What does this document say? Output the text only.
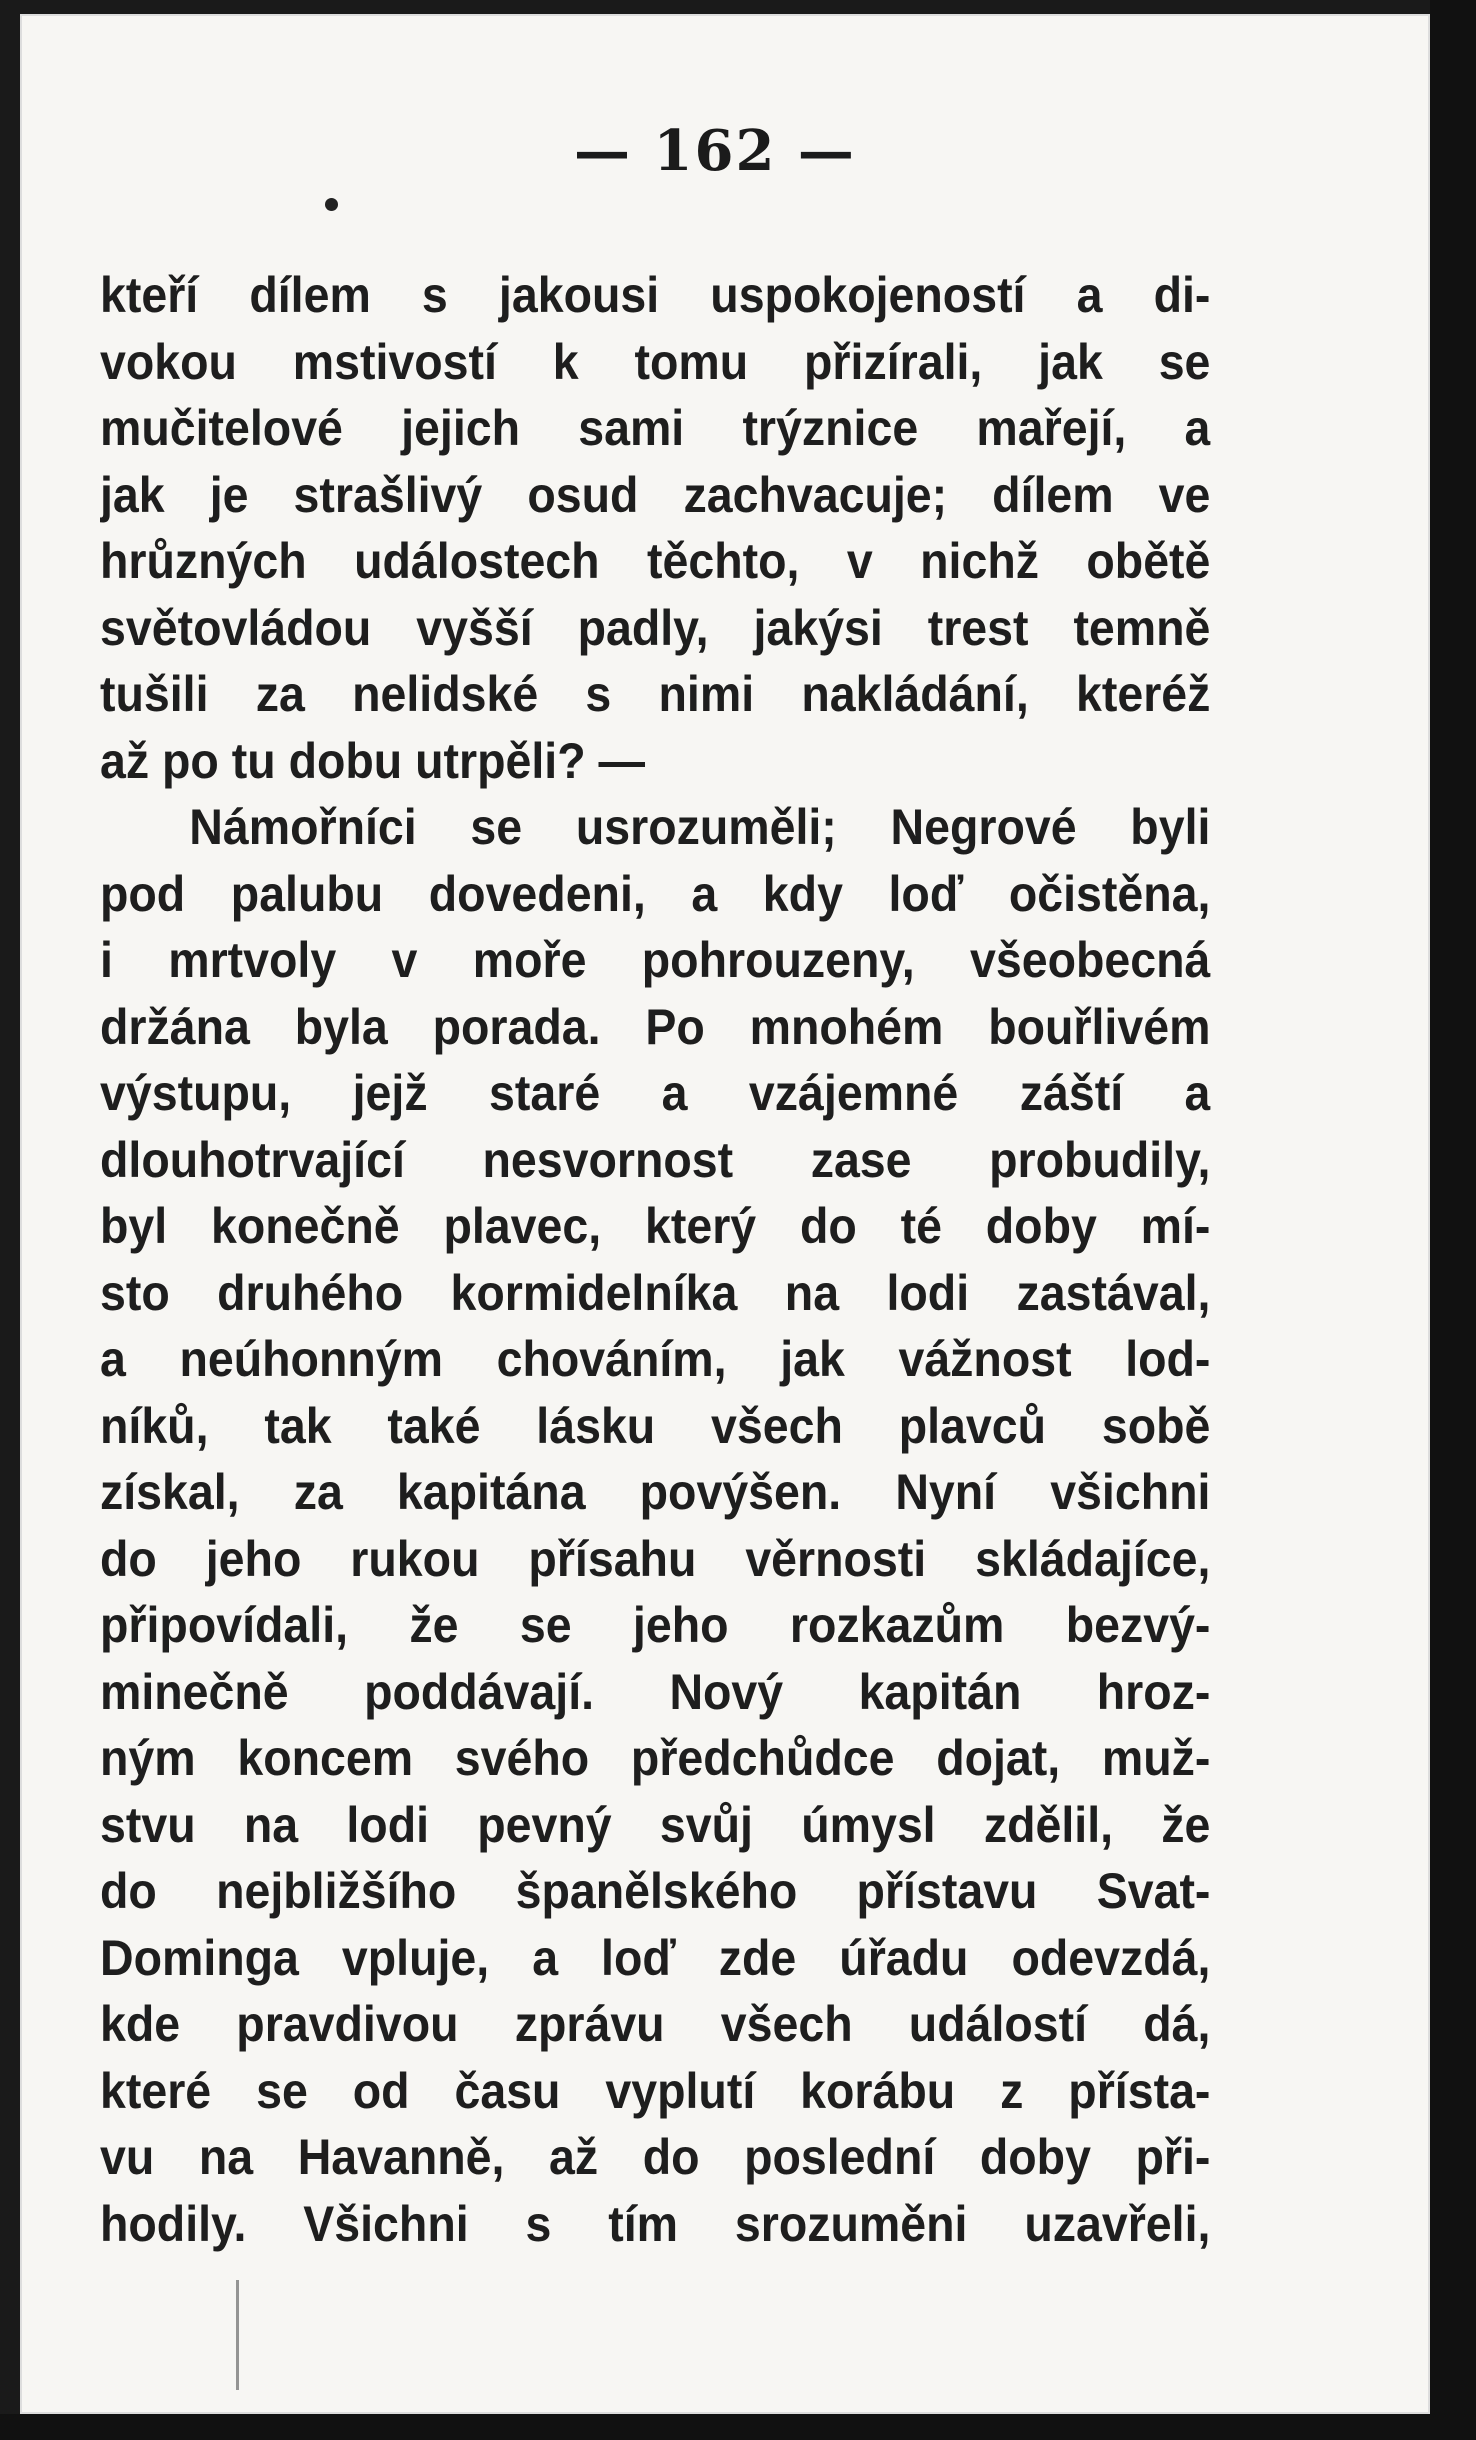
— 162 —
kteří dílem s jakousi uspokojeností a di-
vokou mstivostí k tomu přizírali, jak se
mučitelové jejich sami trýznice mařejí, a
jak je strašlivý osud zachvacuje; dílem ve
hrůzných událostech těchto, v nichž obětě
světovládou vyšší padly, jakýsi trest temně
tušili za nelidské s nimi nakládání, kteréž
až po tu dobu utrpěli? —
Námořníci se usrozuměli; Negrové byli
pod palubu dovedeni, a kdy loď očistěna,
i mrtvoly v moře pohrouzeny, všeobecná
držána byla porada. Po mnohém bouřlivém
výstupu, jejž staré a vzájemné záští a
dlouhotrvající nesvornost zase probudily,
byl konečně plavec, který do té doby mí-
sto druhého kormidelníka na lodi zastával,
a neúhonným chováním, jak vážnost lod-
níků, tak také lásku všech plavců sobě
získal, za kapitána povýšen. Nyní všichni
do jeho rukou přísahu věrnosti skládajíce,
připovídali, že se jeho rozkazům bezvý-
minečně poddávají. Nový kapitán hroz-
ným koncem svého předchůdce dojat, muž-
stvu na lodi pevný svůj úmysl zdělil, že
do nejbližšího španělského přístavu Svat-
Dominga vpluje, a loď zde úřadu odevzdá,
kde pravdivou zprávu všech událostí dá,
které se od času vyplutí korábu z přísta-
vu na Havanně, až do poslední doby při-
hodily. Všichni s tím srozuměni uzavřeli,
